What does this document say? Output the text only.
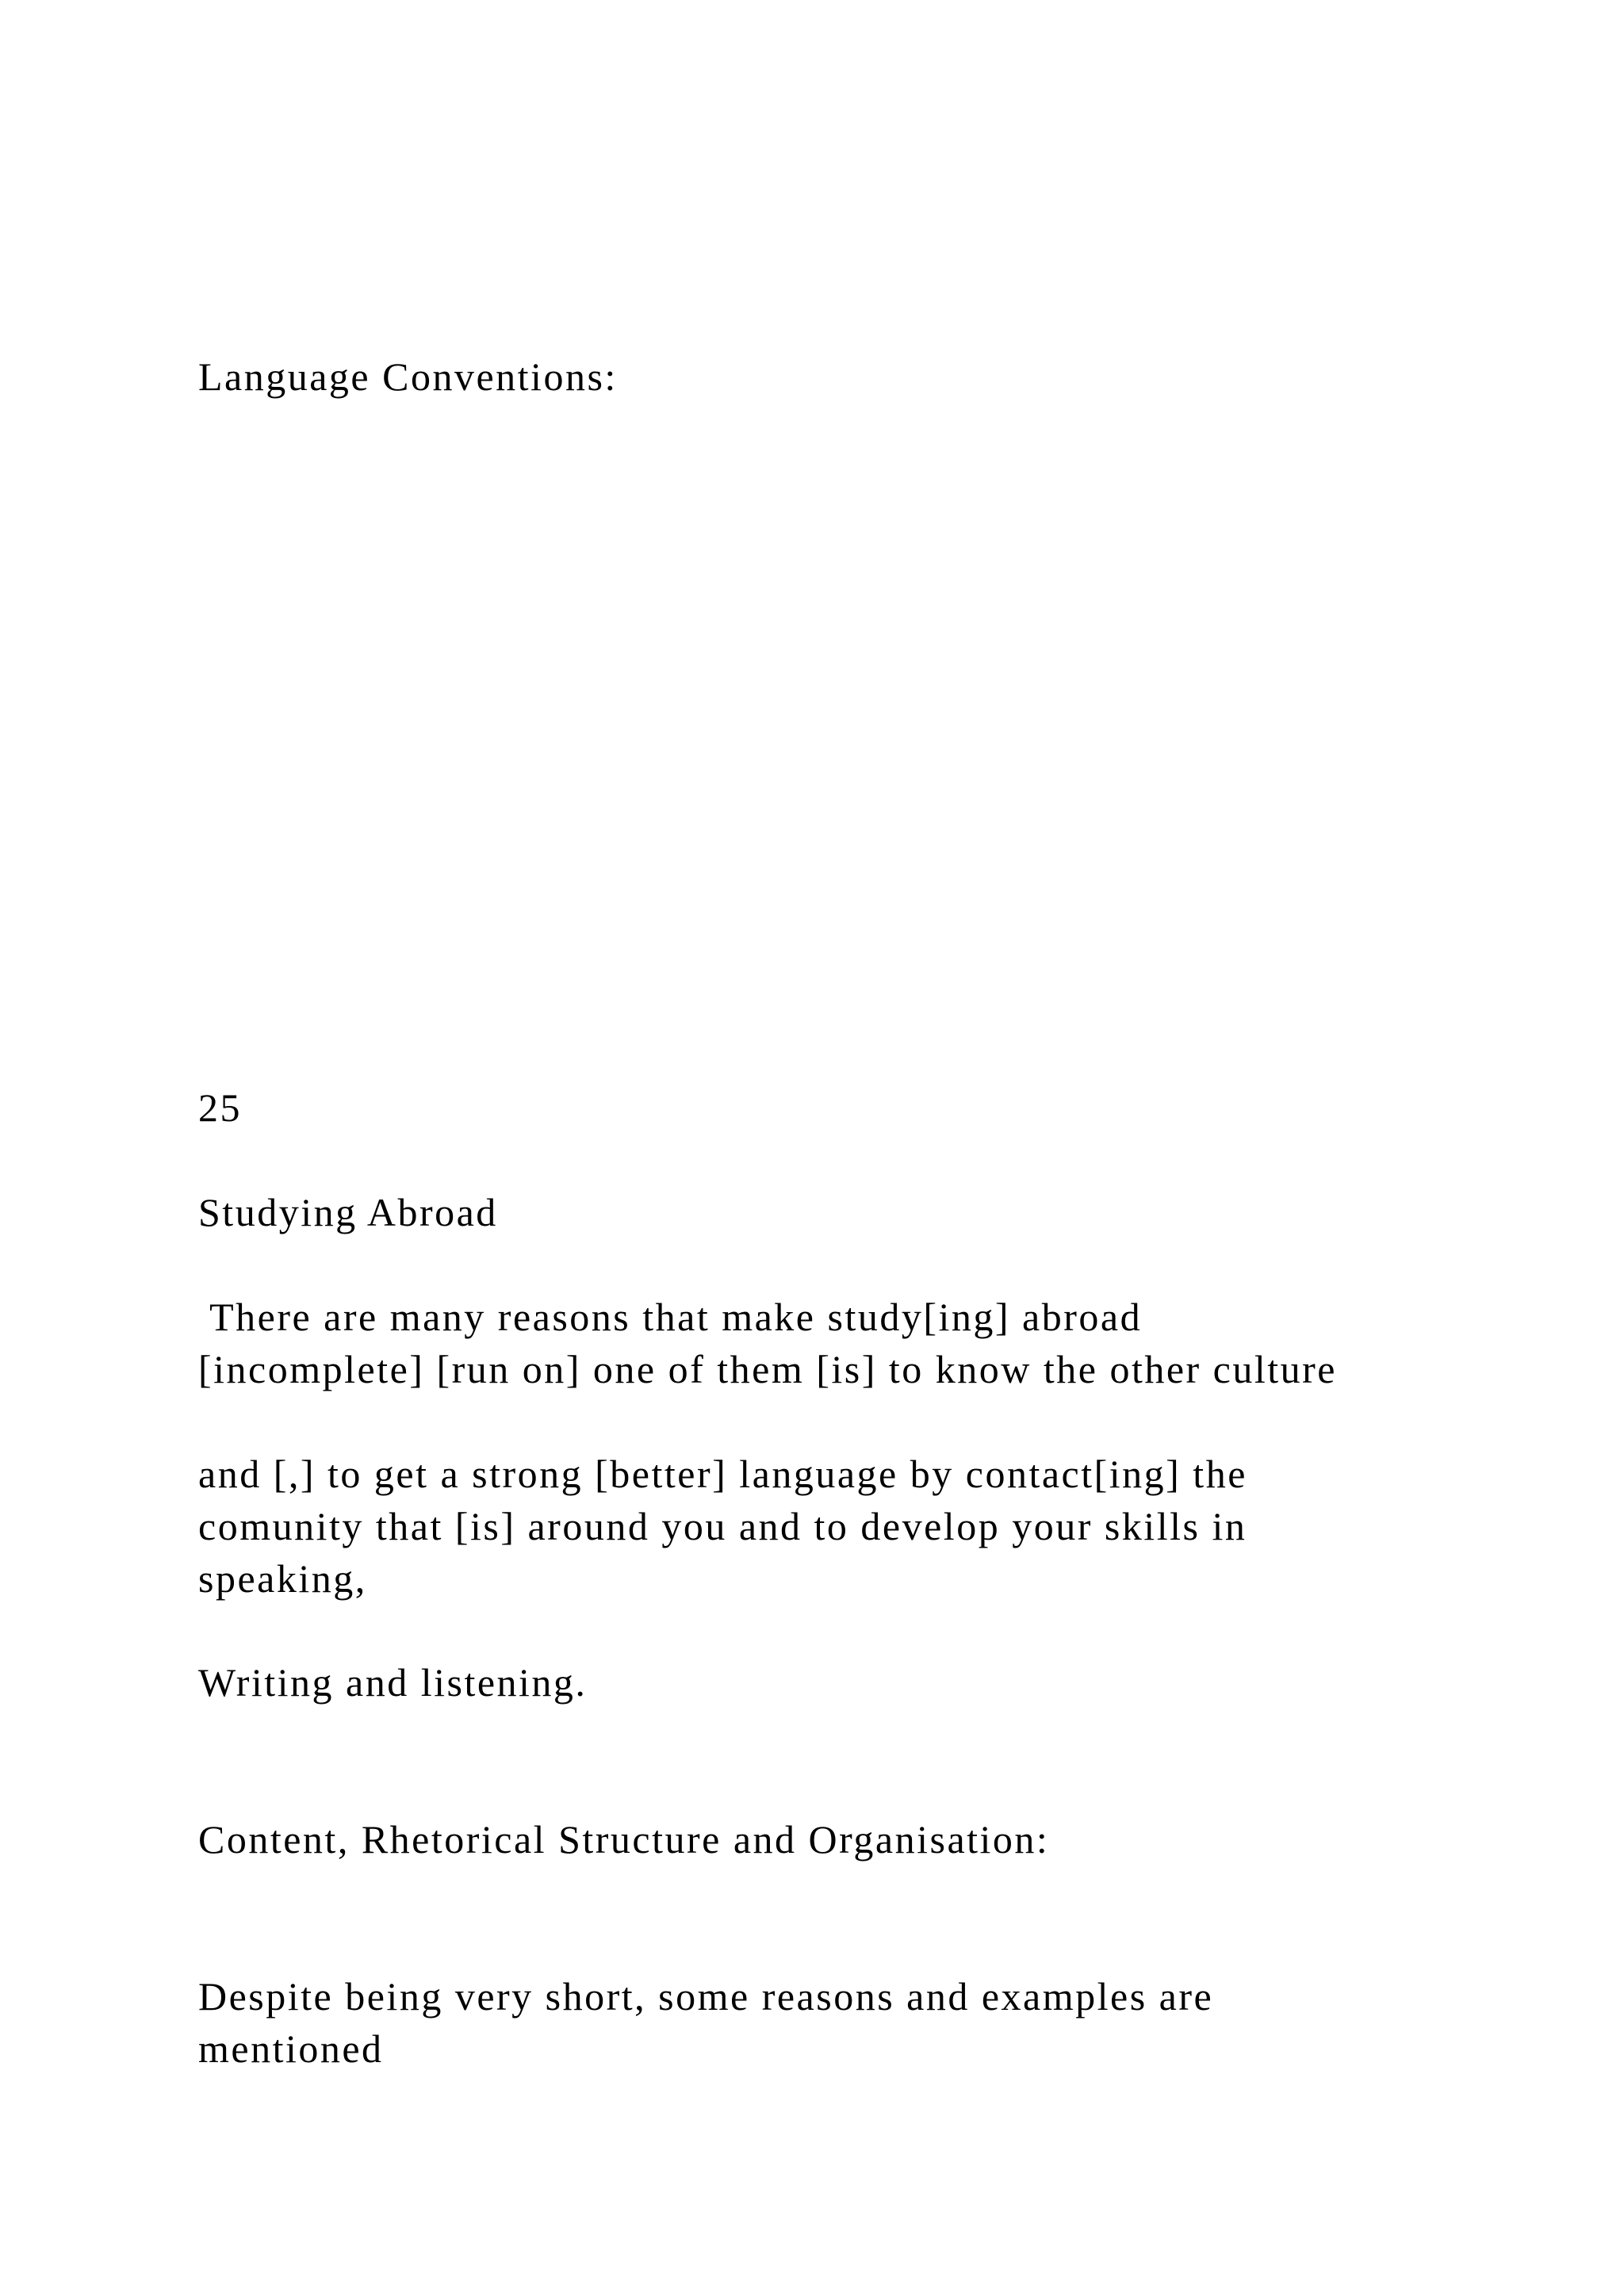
Language Conventions:

25

Studying Abroad

There are many reasons that make study[ing] abroad

[incomplete] [run on] one of them [is] to know the other culture

and [,] to get a strong [better] language by contact[ing] the

comunity that [is] around you and to develop your skills in

speaking,

Writing and listening.

Content, Rhetorical Structure and Organisation:

Despite being very short, some reasons and examples are

mentioned
